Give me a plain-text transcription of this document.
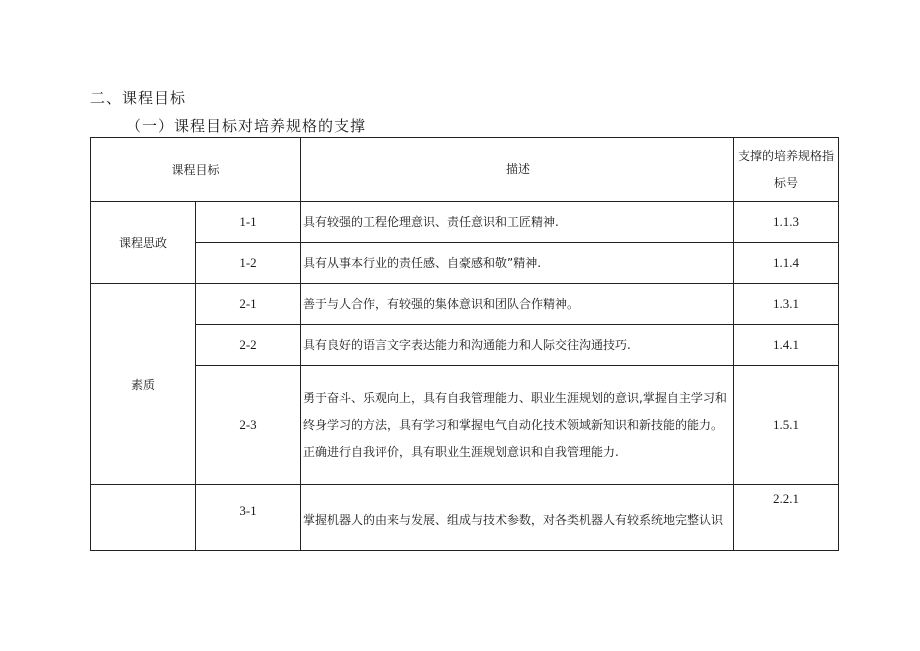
二、课程目标
（一）课程目标对培养规格的支撑
课程目标		描述	支撑的培养规格指标号
课程思政	1-1	具有较强的工程伦理意识、责任意识和工匠精神.	1.1.3
	1-2	具有从事本行业的责任感、自豪感和敬”精神.	1.1.4
素质	2-1	善于与人合作，有较强的集体意识和团队合作精神。	1.3.1
	2-2	具有良好的语言文字表达能力和沟通能力和人际交往沟通技巧.	1.4.1
	2-3	勇于奋斗、乐观向上，具有自我管理能力、职业生涯规划的意识,掌握自主学习和终身学习的方法，具有学习和掌握电气自动化技术领域新知识和新技能的能力。正确进行自我评价，具有职业生涯规划意识和自我管理能力.	1.5.1
	3-1	掌握机器人的由来与发展、组成与技术参数，对各类机器人有较系统地完整认识	2.2.1
